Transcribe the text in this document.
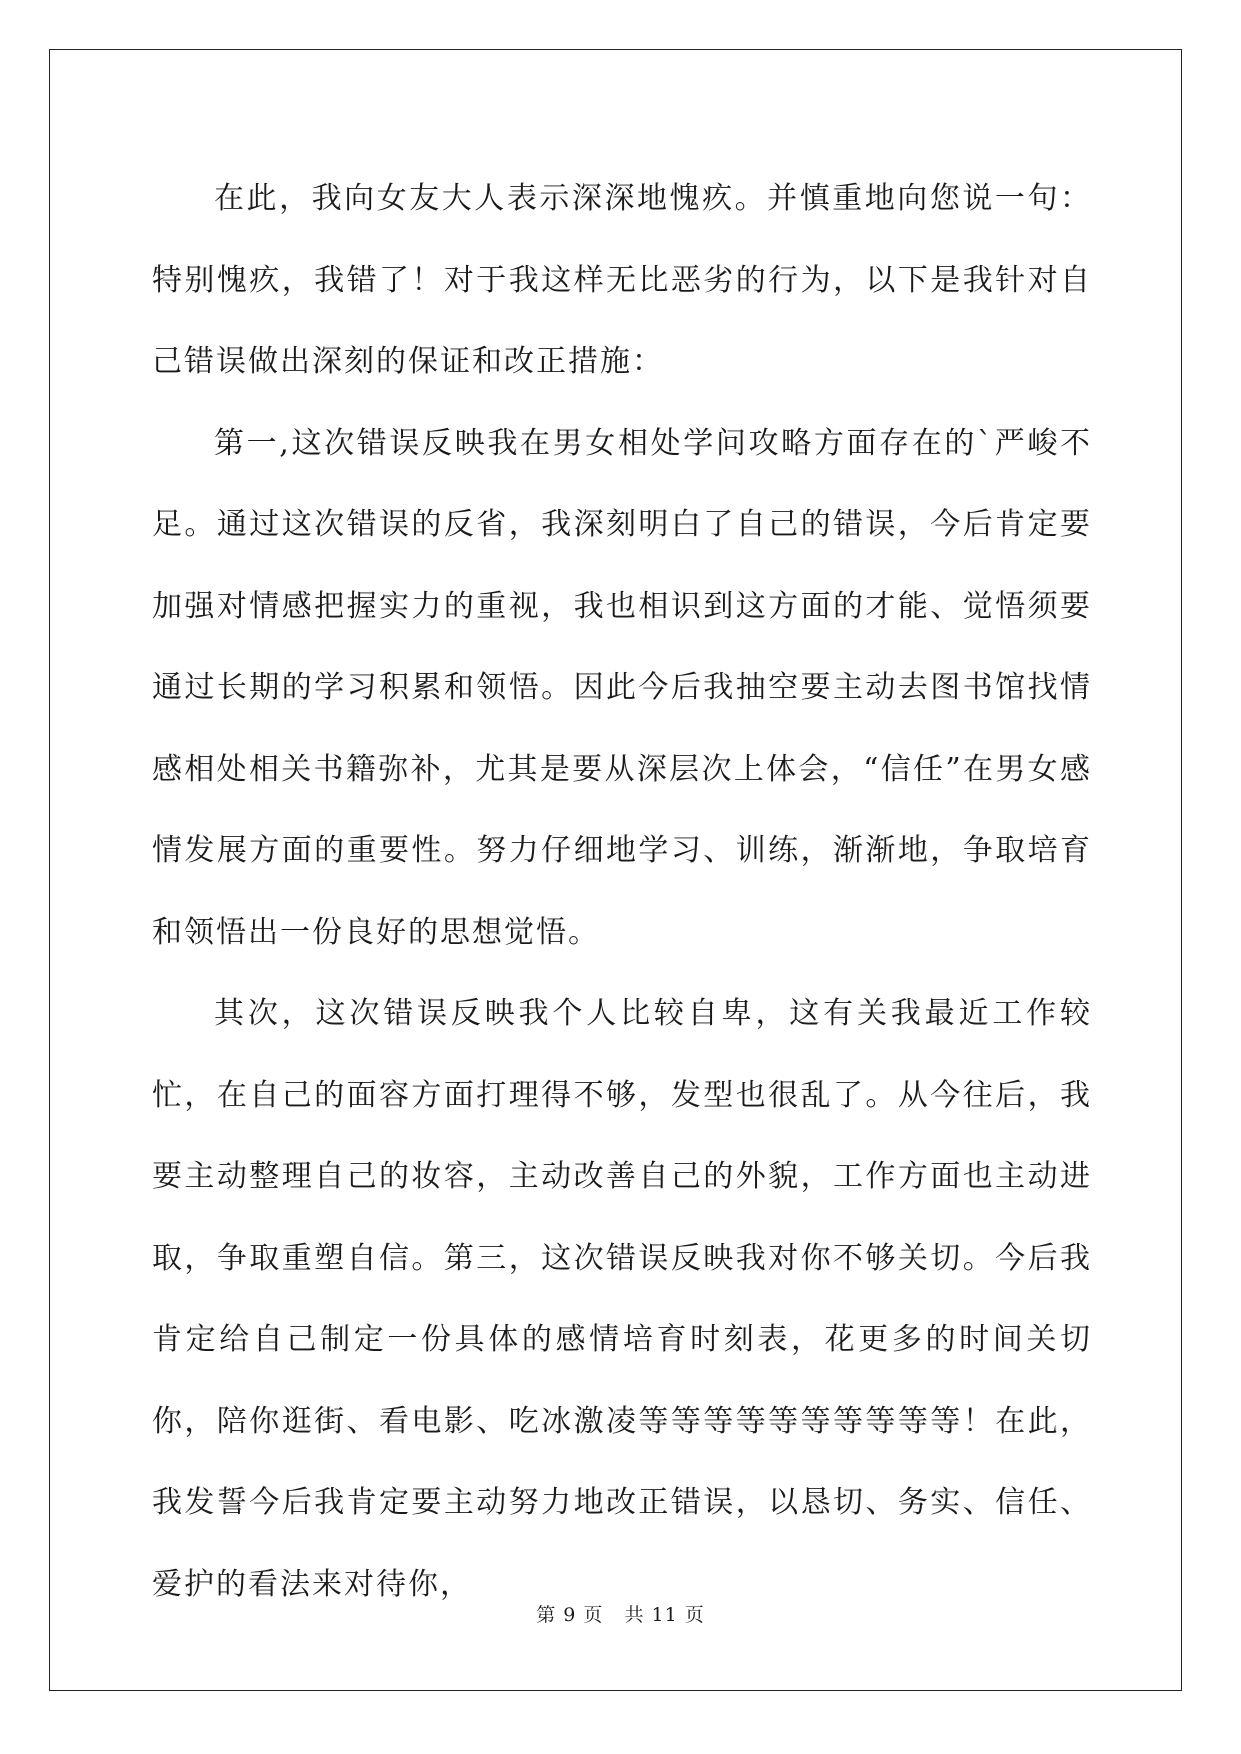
在此，我向女友大人表示深深地愧疚。并慎重地向您说一句：特别愧疚，我错了！对于我这样无比恶劣的行为，以下是我针对自己错误做出深刻的保证和改正措施：

第一,这次错误反映我在男女相处学问攻略方面存在的`严峻不足。通过这次错误的反省，我深刻明白了自己的错误，今后肯定要加强对情感把握实力的重视，我也相识到这方面的才能、觉悟须要通过长期的学习积累和领悟。因此今后我抽空要主动去图书馆找情感相处相关书籍弥补，尤其是要从深层次上体会，“信任”在男女感情发展方面的重要性。努力仔细地学习、训练，渐渐地，争取培育和领悟出一份良好的思想觉悟。

其次，这次错误反映我个人比较自卑，这有关我最近工作较忙，在自己的面容方面打理得不够，发型也很乱了。从今往后，我要主动整理自己的妆容，主动改善自己的外貌，工作方面也主动进取，争取重塑自信。第三，这次错误反映我对你不够关切。今后我肯定给自己制定一份具体的感情培育时刻表，花更多的时间关切你，陪你逛街、看电影、吃冰激凌等等等等等等等等等等！在此，我发誓今后我肯定要主动努力地改正错误，以恳切、务实、信任、爱护的看法来对待你，

第 9 页 共 11 页
